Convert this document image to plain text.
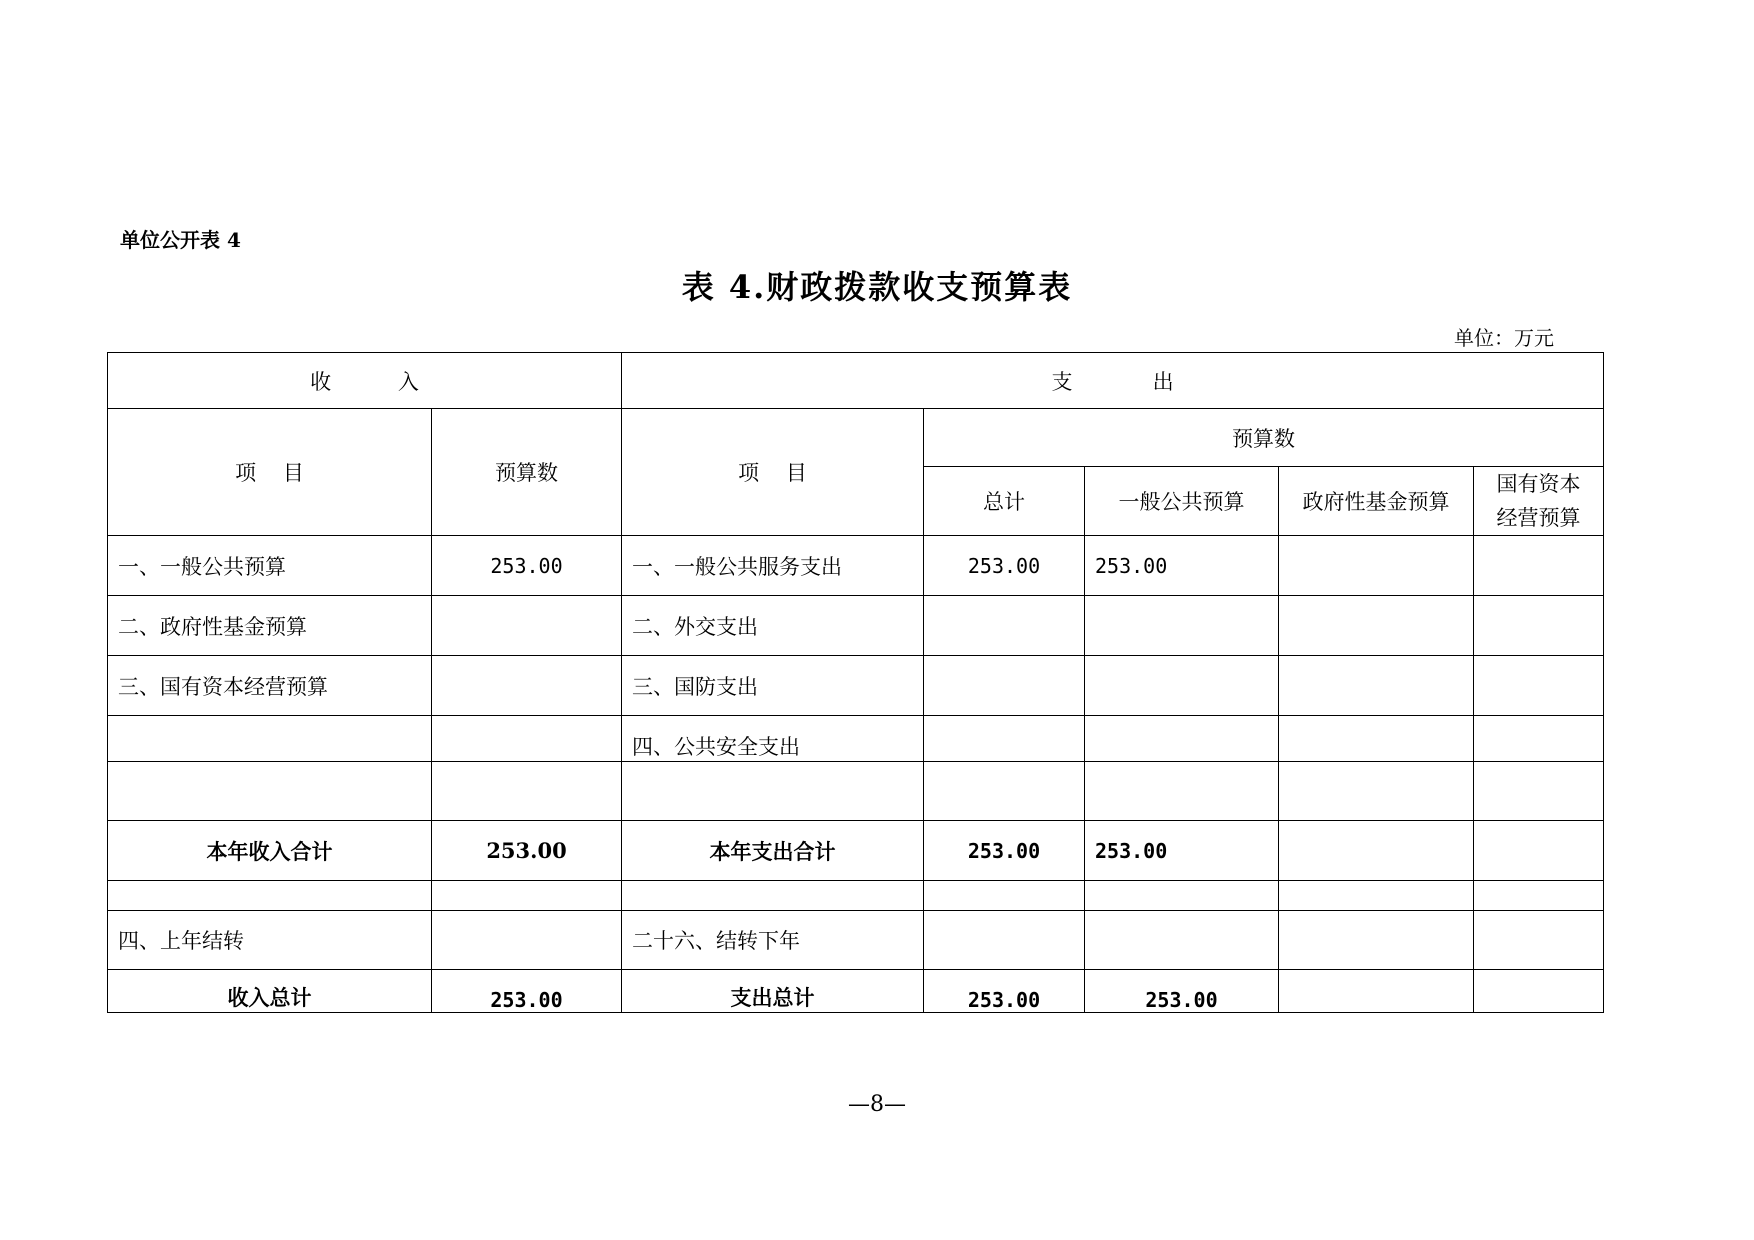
单位公开表 4
表 4.财政拨款收支预算表
单位：万元
收          入		支            出				
项    目	预算数	项    目	预算数			
			总计	一般公共预算	政府性基金预算	国有资本经营预算
一、一般公共预算	253.00	一、一般公共服务支出	253.00	253.00		
二、政府性基金预算		二、外交支出				
三、国有资本经营预算		三、国防支出				
		四、公共安全支出				

本年收入合计	253.00	本年支出合计	253.00	253.00		

四、上年结转		二十六、结转下年				
收入总计	253.00	支出总计	253.00	253.00		
—8—
